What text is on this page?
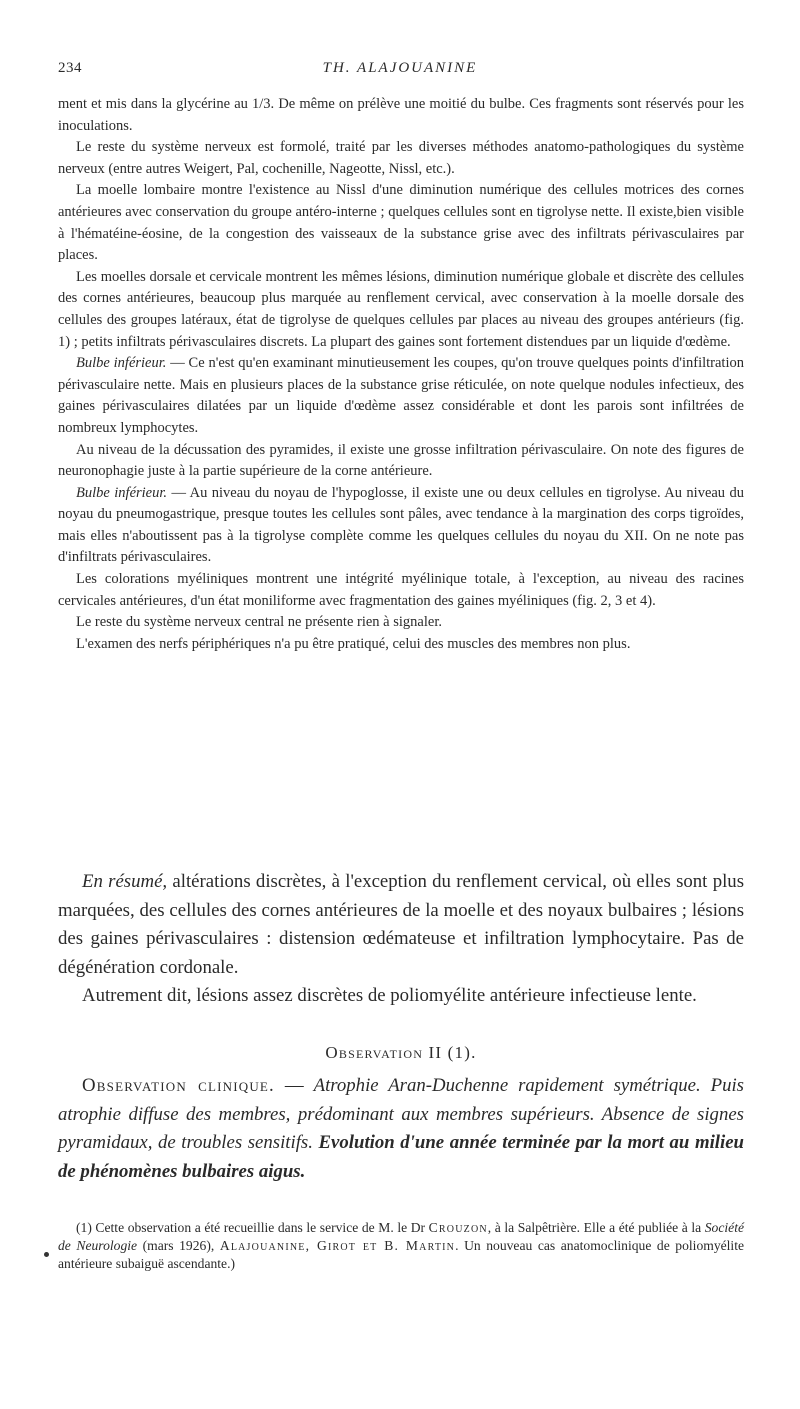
234	TH. ALAJOUANINE

ment et mis dans la glycérine au 1/3. De même on prélève une moitié du bulbe. Ces fragments sont réservés pour les inoculations.

Le reste du système nerveux est formolé, traité par les diverses méthodes anatomo-pathologiques du système nerveux (entre autres Weigert, Pal, cochenille, Nageotte, Nissl, etc.).

La moelle lombaire montre l'existence au Nissl d'une diminution numérique des cellules motrices des cornes antérieures avec conservation du groupe antéro-interne ; quelques cellules sont en tigrolyse nette. Il existe,bien visible à l'hématéine-éosine, de la congestion des vaisseaux de la substance grise avec des infiltrats périvasculaires par places.

Les moelles dorsale et cervicale montrent les mêmes lésions, diminution numérique globale et discrète des cellules des cornes antérieures, beaucoup plus marquée au renflement cervical, avec conservation à la moelle dorsale des cellules des groupes latéraux, état de tigrolyse de quelques cellules par places au niveau des groupes antérieurs (fig. 1) ; petits infiltrats périvasculaires discrets. La plupart des gaines sont fortement distendues par un liquide d'œdème.

Bulbe inférieur. — Ce n'est qu'en examinant minutieusement les coupes, qu'on trouve quelques points d'infiltration périvasculaire nette. Mais en plusieurs places de la substance grise réticulée, on note quelque nodules infectieux, des gaines périvasculaires dilatées par un liquide d'œdème assez considérable et dont les parois sont infiltrées de nombreux lymphocytes.

Au niveau de la décussation des pyramides, il existe une grosse infiltration périvasculaire. On note des figures de neuronophagie juste à la partie supérieure de la corne antérieure.

Bulbe inférieur. — Au niveau du noyau de l'hypoglosse, il existe une ou deux cellules en tigrolyse. Au niveau du noyau du pneumogastrique, presque toutes les cellules sont pâles, avec tendance à la margination des corps tigroïdes, mais elles n'aboutissent pas à la tigrolyse complète comme les quelques cellules du noyau du XII. On ne note pas d'infiltrats périvasculaires.

Les colorations myéliniques montrent une intégrité myélinique totale, à l'exception, au niveau des racines cervicales antérieures, d'un état moniliforme avec fragmentation des gaines myéliniques (fig. 2, 3 et 4).

Le reste du système nerveux central ne présente rien à signaler.

L'examen des nerfs périphériques n'a pu être pratiqué, celui des muscles des membres non plus.

En résumé, altérations discrètes, à l'exception du renflement cervical, où elles sont plus marquées, des cellules des cornes antérieures de la moelle et des noyaux bulbaires ; lésions des gaines périvasculaires : distension œdémateuse et infiltration lymphocytaire. Pas de dégénération cordonale.

Autrement dit, lésions assez discrètes de poliomyélite antérieure infectieuse lente.

Observation II (1).

Observation clinique. — Atrophie Aran-Duchenne rapidement symétrique. Puis atrophie diffuse des membres, prédominant aux membres supérieurs. Absence de signes pyramidaux, de troubles sensitifs. Evolution d'une année terminée par la mort au milieu de phénomènes bulbaires aigus.

(1) Cette observation a été recueillie dans le service de M. le Dr Crouzon, à la Salpêtrière. Elle a été publiée à la Société de Neurologie (mars 1926), Alajouanine, Girot et B. Martin. Un nouveau cas anatomoclinique de poliomyélite antérieure subaiguë ascendante.)
